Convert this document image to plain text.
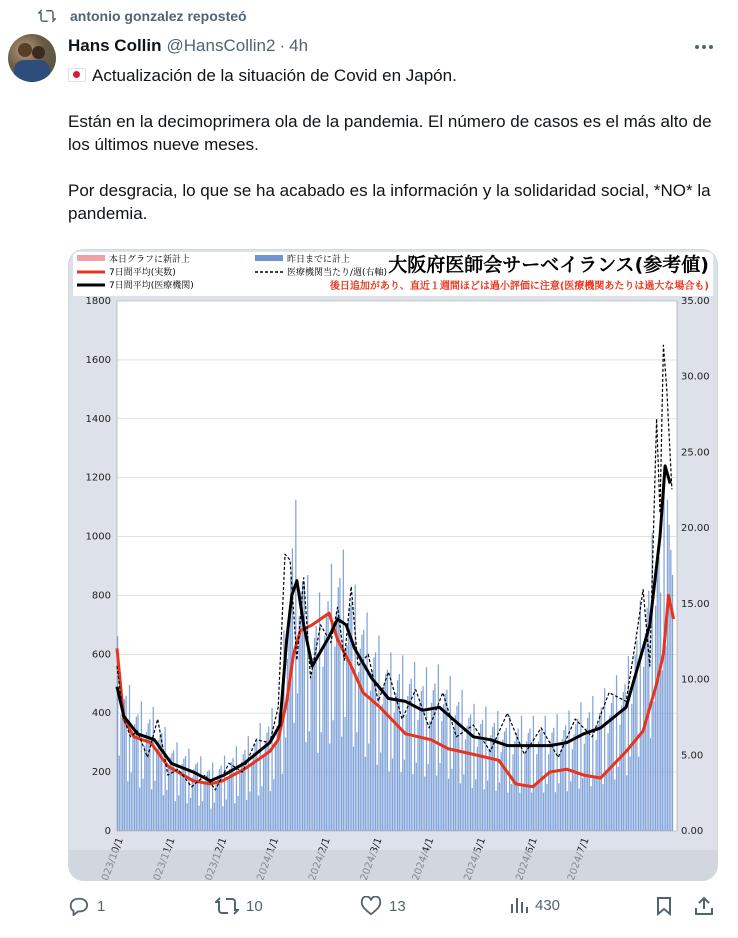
antonio gonzalez reposteó
Hans Collin @HansCollin2 · 4h

Actualización de la situación de Covid en Japón.

Están en la decimoprimera ola de la pandemia. El número de casos es el más alto de los últimos nueve meses.

Por desgracia, lo que se ha acabado es la información y la solidaridad social, *NO* la pandemia.

本日グラフに新計上	昨日までに計上
7日間平均(実数)	医療機関当たり/週(右軸)
7日間平均(医療機関)
大阪府医師会サーベイランス(参考値)
後日追加があり、直近１週間ほどは過小評価に注意(医療機関あたりは過大な場合も)
0
200
400
600
800
1000
1200
1400
1600
1800
0.00
5.00
10.00
15.00
20.00
25.00
30.00
35.00
1	10	13	430
